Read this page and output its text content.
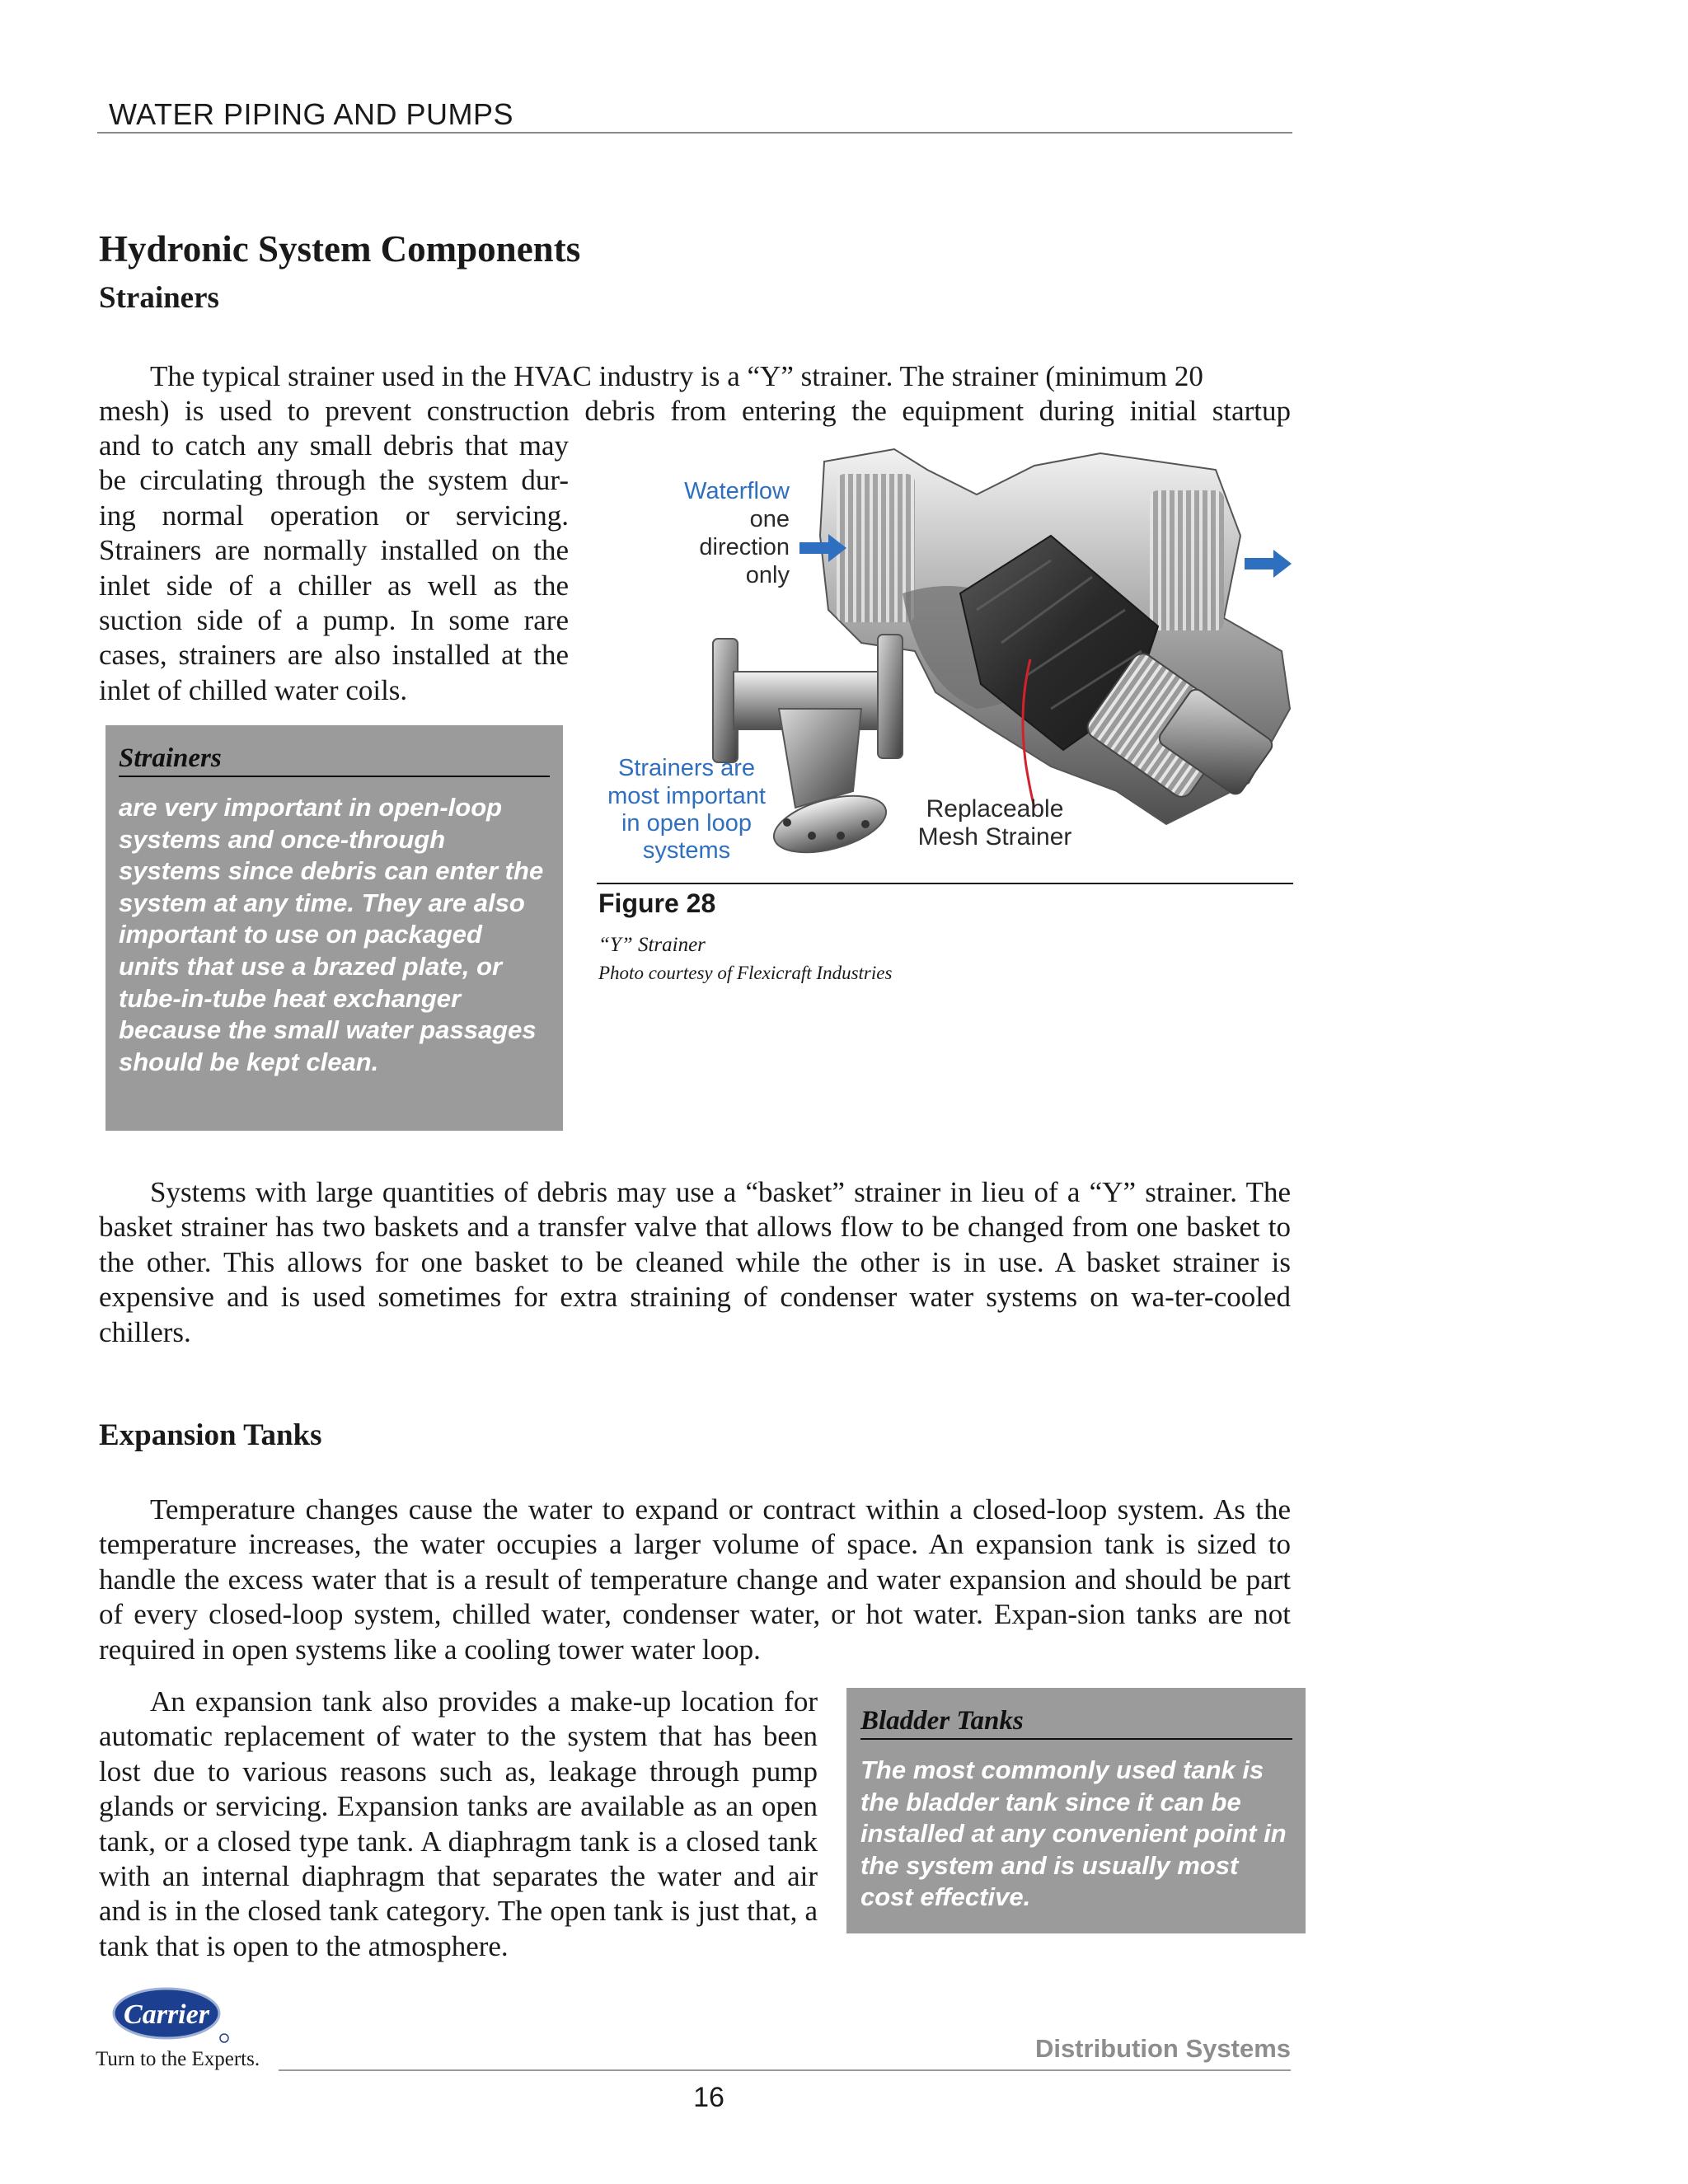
WATER PIPING AND PUMPS
Hydronic System Components
Strainers
The typical strainer used in the HVAC industry is a “Y” strainer. The strainer (minimum 20
mesh) is used to prevent construction debris from entering the equipment during initial startup
and to catch any small debris that may be circulating through the system dur-ing normal operation or servicing. Strainers are normally installed on the inlet side of a chiller as well as the suction side of a pump. In some rare cases, strainers are also installed at the inlet of chilled water coils.
Strainers
are very important in open-loop systems and once-through systems since debris can enter the system at any time. They are also important to use on packaged units that use a brazed plate, or tube-in-tube heat exchanger because the small water passages should be kept clean.
Waterflow
one
direction
only
Strainers are
most important
in open loop
systems
Replaceable
Mesh Strainer
Figure 28
“Y” Strainer
Photo courtesy of Flexicraft Industries
Systems with large quantities of debris may use a “basket” strainer in lieu of a “Y” strainer. The basket strainer has two baskets and a transfer valve that allows flow to be changed from one basket to the other. This allows for one basket to be cleaned while the other is in use. A basket strainer is expensive and is used sometimes for extra straining of condenser water systems on wa-ter-cooled chillers.
Expansion Tanks
Temperature changes cause the water to expand or contract within a closed-loop system. As the temperature increases, the water occupies a larger volume of space. An expansion tank is sized to handle the excess water that is a result of temperature change and water expansion and should be part of every closed-loop system, chilled water, condenser water, or hot water. Expan-sion tanks are not required in open systems like a cooling tower water loop.
An expansion tank also provides a make-up location for automatic replacement of water to the system that has been lost due to various reasons such as, leakage through pump glands or servicing. Expansion tanks are available as an open tank, or a closed type tank. A diaphragm tank is a closed tank with an internal diaphragm that separates the water and air and is in the closed tank category. The open tank is just that, a tank that is open to the atmosphere.
Bladder Tanks
The most commonly used tank is the bladder tank since it can be installed at any convenient point in the system and is usually most cost effective.
Carrier
Turn to the Experts.	Distribution Systems
16
